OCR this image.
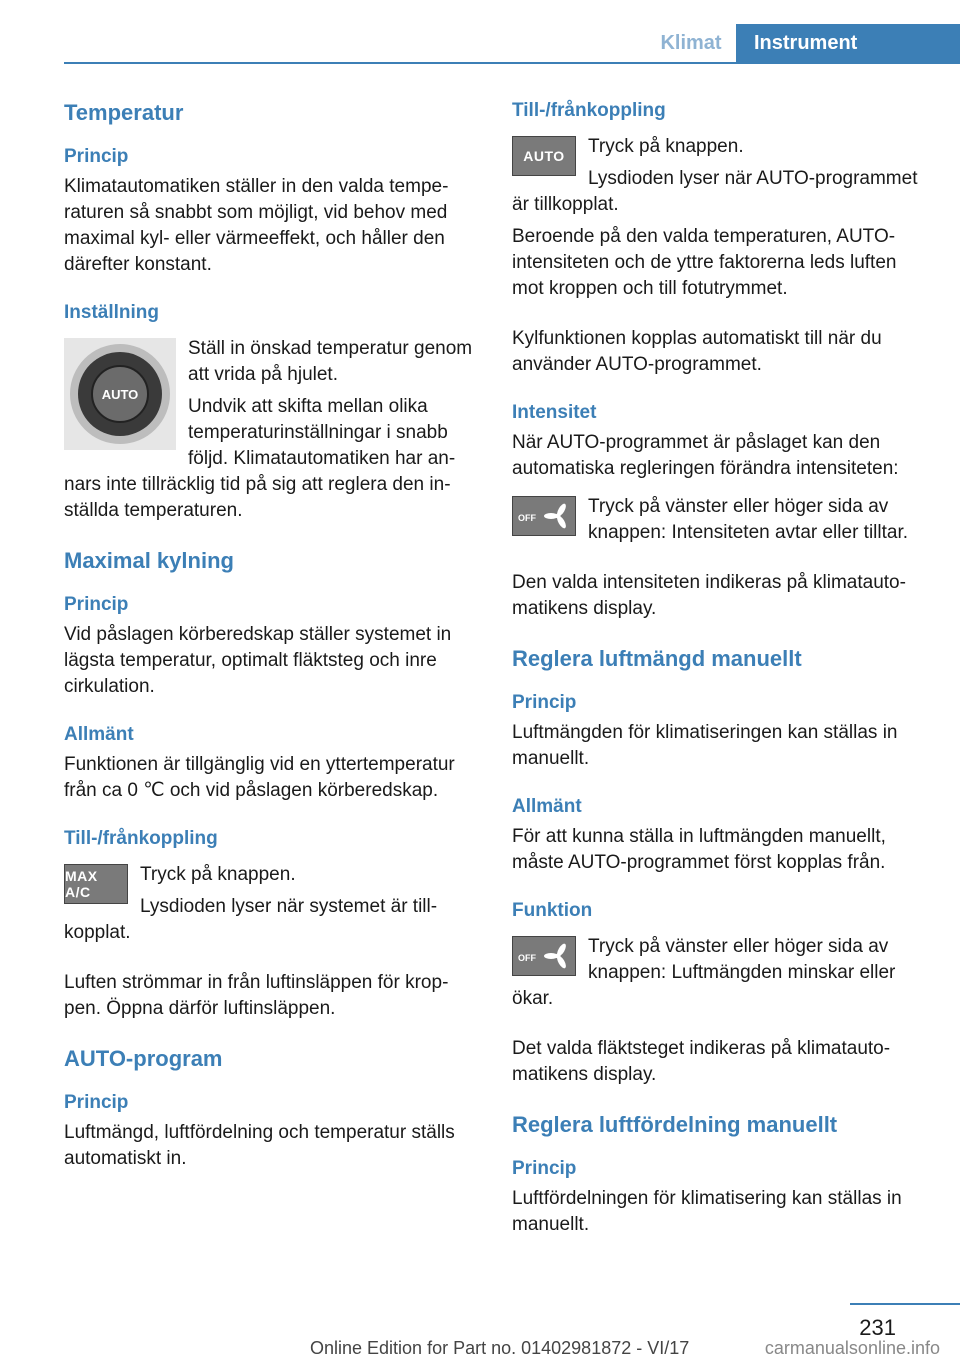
Klimat	Instrument
Temperatur
Princip
Klimatautomatiken ställer in den valda temperaturen så snabbt som möjligt, vid behov med maximal kyl- eller värmeeffekt, och håller den därefter konstant.
Inställning
AUTO
Ställ in önskad temperatur genom att vrida på hjulet.
Undvik att skifta mellan olika temperaturinställningar i snabb följd. Klimatautomatiken har annars inte tillräcklig tid på sig att reglera den inställda temperaturen.
Maximal kylning
Princip
Vid påslagen körberedskap ställer systemet in lägsta temperatur, optimalt fläktsteg och inre cirkulation.
Allmänt
Funktionen är tillgänglig vid en yttertemperatur från ca 0 ℃ och vid påslagen körberedskap.
Till-/frånkoppling
MAX A/C
Tryck på knappen.
Lysdioden lyser när systemet är tillkopplat.
Luften strömmar in från luftinsläppen för kroppen. Öppna därför luftinsläppen.
AUTO-program
Princip
Luftmängd, luftfördelning och temperatur ställs automatiskt in.
Till-/frånkoppling
AUTO	Tryck på knappen.
Lysdioden lyser när AUTO-programmet är tillkopplat.
Beroende på den valda temperaturen, AUTO-intensiteten och de yttre faktorerna leds luften mot kroppen och till fotutrymmet.
Kylfunktionen kopplas automatiskt till när du använder AUTO-programmet.
Intensitet
När AUTO-programmet är påslaget kan den automatiska regleringen förändra intensiteten:
OFF
Tryck på vänster eller höger sida av knappen: Intensiteten avtar eller tilltar.
Den valda intensiteten indikeras på klimatautomatikens display.
Reglera luftmängd manuellt
Princip
Luftmängden för klimatiseringen kan ställas in manuellt.
Allmänt
För att kunna ställa in luftmängden manuellt, måste AUTO-programmet först kopplas från.
Funktion
OFF
Tryck på vänster eller höger sida av knappen: Luftmängden minskar eller ökar.
Det valda fläktsteget indikeras på klimatautomatikens display.
Reglera luftfördelning manuellt
Princip
Luftfördelningen för klimatisering kan ställas in manuellt.
231
Online Edition for Part no. 01402981872 - VI/17	carmanualsonline.info
